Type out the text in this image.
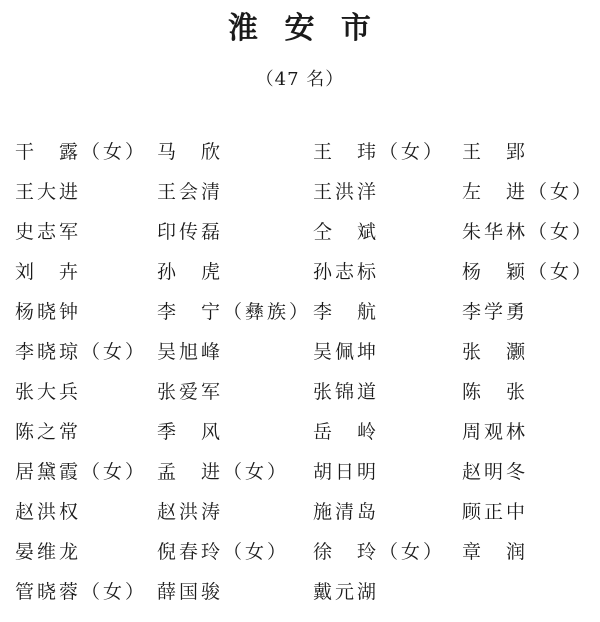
淮 安 市
（47 名）
干　露（女） 马　欣	王　玮（女） 王　郢
王大进	王会清	王洪洋	左　进（女）
史志军	印传磊	仝　斌	朱华林（女）
刘　卉	孙　虎	孙志标	杨　颖（女）
杨晓钟	李　宁（彝族） 李　航	李学勇
李晓琼（女） 吴旭峰	吴佩坤	张　灏
张大兵	张爱军	张锦道	陈　张
陈之常	季　风	岳　岭	周观林
居黛霞（女） 孟　进（女）	胡日明	赵明冬
赵洪权	赵洪涛	施清岛	顾正中
晏维龙	倪春玲（女）	徐　玲（女） 章　润
管晓蓉（女） 薛国骏	戴元湖
